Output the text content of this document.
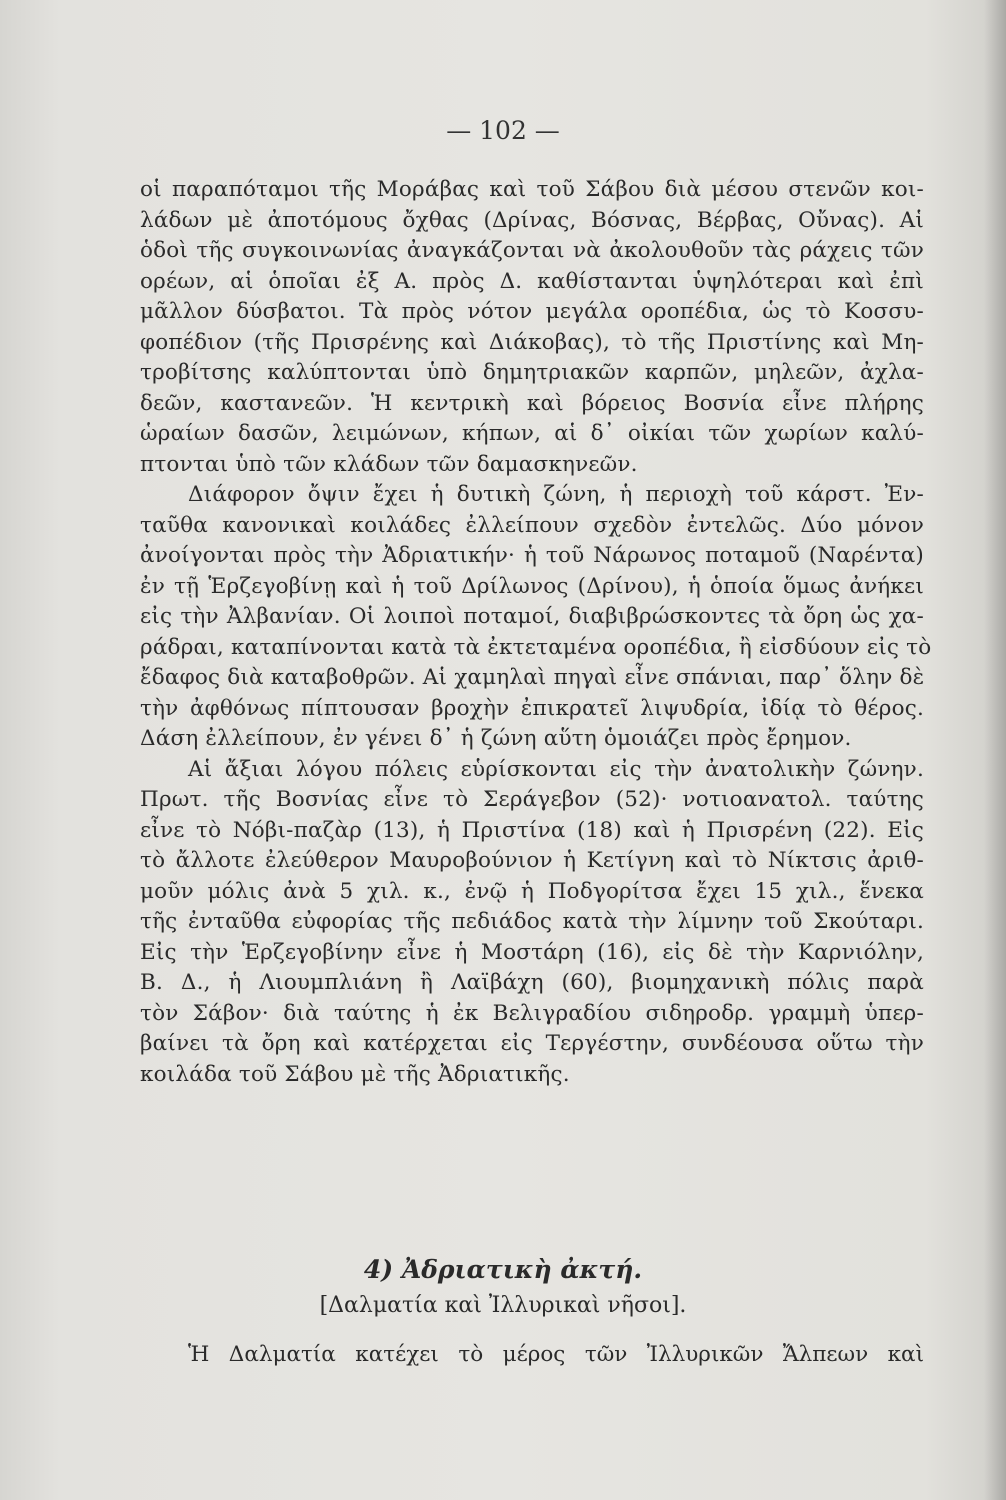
— 102 —
οἱ παραπόταμοι τῆς Μοράβας καὶ τοῦ Σάβου διὰ μέσου στενῶν κοι-
λάδων μὲ ἀποτόμους ὄχθας (Δρίνας, Βόσνας, Βέρβας, Οὔνας). Αἱ
ὁδοὶ τῆς συγκοινωνίας ἀναγκάζονται νὰ ἀκολουθοῦν τὰς ράχεις τῶν
ορέων, αἱ ὁποῖαι ἐξ Α. πρὸς Δ. καθίστανται ὑψηλότεραι καὶ ἐπὶ
μᾶλλον δύσβατοι. Τὰ πρὸς νότον μεγάλα οροπέδια, ὡς τὸ Κοσσυ-
φοπέδιον (τῆς Πρισρένης καὶ Διάκοβας), τὸ τῆς Πριστίνης καὶ Μη-
τροβίτσης καλύπτονται ὑπὸ δημητριακῶν καρπῶν, μηλεῶν, ἀχλα-
δεῶν, καστανεῶν. Ἡ κεντρικὴ καὶ βόρειος Βοσνία εἶνε πλήρης
ὡραίων δασῶν, λειμώνων, κήπων, αἱ δ᾽ οἰκίαι τῶν χωρίων καλύ-
πτονται ὑπὸ τῶν κλάδων τῶν δαμασκηνεῶν.
Διάφορον ὄψιν ἔχει ἡ δυτικὴ ζώνη, ἡ περιοχὴ τοῦ κάρστ. Ἐν-
ταῦθα κανονικαὶ κοιλάδες ἐλλείπουν σχεδὸν ἐντελῶς. Δύο μόνον
ἀνοίγονται πρὸς τὴν Ἀδριατικήν· ἡ τοῦ Νάρωνος ποταμοῦ (Ναρέντα)
ἐν τῇ Ἑρζεγοβίνῃ καὶ ἡ τοῦ Δρίλωνος (Δρίνου), ἡ ὁποία ὅμως ἀνήκει
εἰς τὴν Ἀλβανίαν. Οἱ λοιποὶ ποταμοί, διαβιβρώσκοντες τὰ ὄρη ὡς χα-
ράδραι, καταπίνονται κατὰ τὰ ἐκτεταμένα οροπέδια, ἢ εἰσδύουν εἰς τὸ
ἔδαφος διὰ καταβοθρῶν. Αἱ χαμηλαὶ πηγαὶ εἶνε σπάνιαι, παρ᾽ ὅλην δὲ
τὴν ἀφθόνως πίπτουσαν βροχὴν ἐπικρατεῖ λιψυδρία, ἰδίᾳ τὸ θέρος.
Δάση ἐλλείπουν, ἐν γένει δ᾽ ἡ ζώνη αὕτη ὁμοιάζει πρὸς ἔρημον.
Αἱ ἄξιαι λόγου πόλεις εὑρίσκονται εἰς τὴν ἀνατολικὴν ζώνην.
Πρωτ. τῆς Βοσνίας εἶνε τὸ Σεράγεβον (52)· νοτιοανατολ. ταύτης
εἶνε τὸ Νόβι-παζὰρ (13), ἡ Πριστίνα (18) καὶ ἡ Πρισρένη (22). Εἰς
τὸ ἄλλοτε ἐλεύθερον Μαυροβούνιον ἡ Κετίγνη καὶ τὸ Νίκτσις ἀριθ-
μοῦν μόλις ἀνὰ 5 χιλ. κ., ἐνῷ ἡ Ποδγορίτσα ἔχει 15 χιλ., ἕνεκα
τῆς ἐνταῦθα εὐφορίας τῆς πεδιάδος κατὰ τὴν λίμνην τοῦ Σκούταρι.
Εἰς τὴν Ἑρζεγοβίνην εἶνε ἡ Μοστάρη (16), εἰς δὲ τὴν Καρνιόλην,
Β. Δ., ἡ Λιουμπλιάνη ἢ Λαϊβάχη (60), βιομηχανικὴ πόλις παρὰ
τὸν Σάβον· διὰ ταύτης ἡ ἐκ Βελιγραδίου σιδηροδρ. γραμμὴ ὑπερ-
βαίνει τὰ ὄρη καὶ κατέρχεται εἰς Τεργέστην, συνδέουσα οὕτω τὴν
κοιλάδα τοῦ Σάβου μὲ τῆς Ἀδριατικῆς.
4) Ἀδριατικὴ ἀκτή.
[Δαλματία καὶ Ἰλλυρικαὶ νῆσοι].
Ἡ Δαλματία κατέχει τὸ μέρος τῶν Ἰλλυρικῶν Ἄλπεων καὶ
